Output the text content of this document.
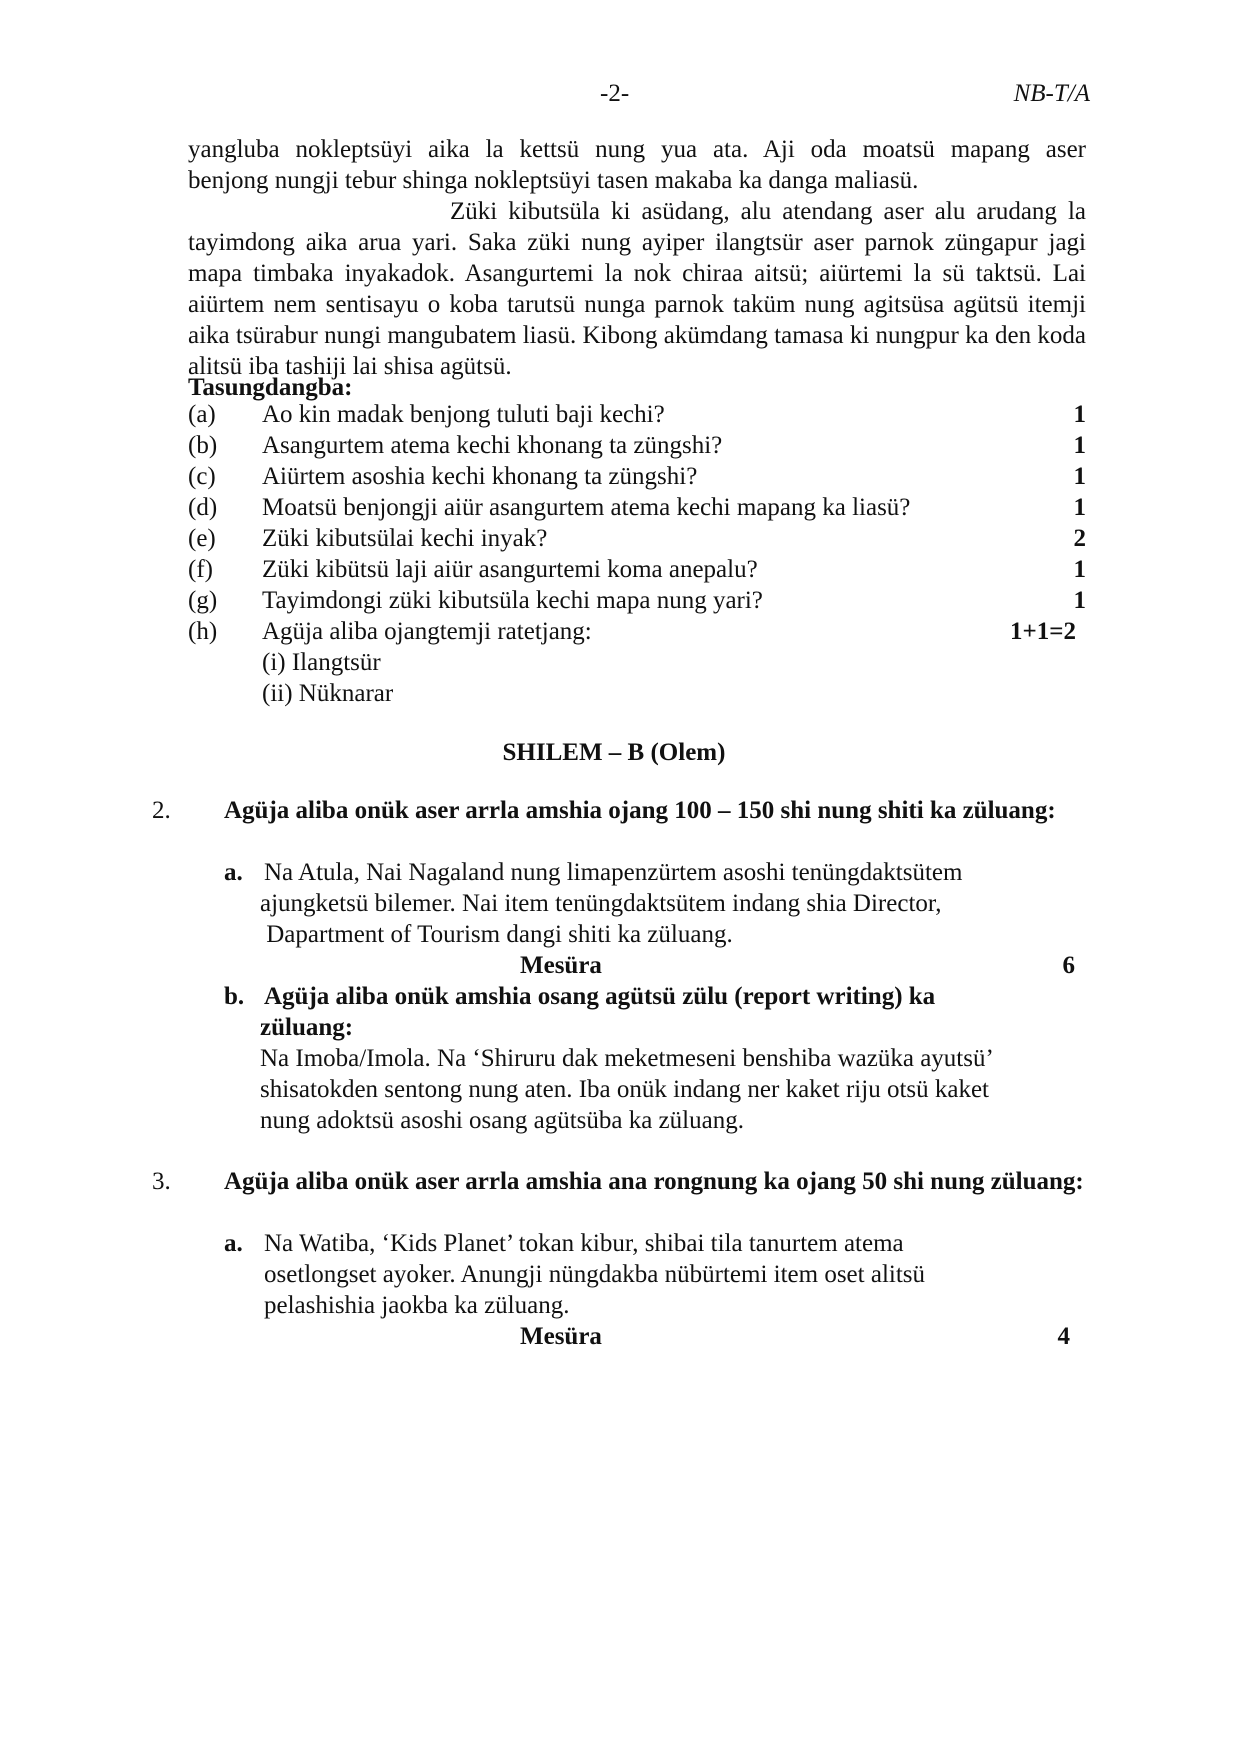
-2-	NB-T/A
yangluba nokleptsüyi aika la kettsü nung yua ata. Aji oda moatsü mapang aser
benjong nungji tebur shinga nokleptsüyi tasen makaba ka danga maliasü.
Züki kibutsüla ki asüdang, alu atendang aser alu arudang la tayimdong aika arua yari. Saka züki nung ayiper ilangtsür aser parnok züngapur jagi mapa timbaka inyakadok. Asangurtemi la nok chiraa aitsü; aiürtemi la sü taktsü. Lai aiürtem nem sentisayu o koba tarutsü nunga parnok taküm nung agitsüsa agütsü itemji aika tsürabur nungi mangubatem liasü. Kibong akümdang tamasa ki nungpur ka den koda alitsü iba tashiji lai shisa agütsü.
Tasungdangba:
(a) Ao kin madak benjong tuluti baji kechi?	1
(b) Asangurtem atema kechi khonang ta züngshi?	1
(c) Aiürtem asoshia kechi khonang ta züngshi?	1
(d) Moatsü benjongji aiür asangurtem atema kechi mapang ka liasü?	1
(e) Züki kibutsülai kechi inyak?	2
(f) Züki kibütsü laji aiür asangurtemi koma anepalu?	1
(g) Tayimdongi züki kibutsüla kechi mapa nung yari?	1
(h) Agüja aliba ojangtemji ratetjang:	1+1=2
(i) Ilangtsür
(ii) Nüknarar
SHILEM – B (Olem)
2. Agüja aliba onük aser arrla amshia ojang 100 – 150 shi nung shiti ka züluang:
a. Na Atula, Nai Nagaland nung limapenzürtem asoshi tenüngdaktsütem
ajungketsü bilemer. Nai item tenüngdaktsütem indang shia Director,
Dapartment of Tourism dangi shiti ka züluang.
Mesüra	6
b. Agüja aliba onük amshia osang agütsü zülu (report writing) ka
züluang:
Na Imoba/Imola. Na ‘Shiruru dak meketmeseni benshiba wazüka ayutsü’
shisatokden sentong nung aten. Iba onük indang ner kaket riju otsü kaket
nung adoktsü asoshi osang agütsüba ka züluang.
3. Agüja aliba onük aser arrla amshia ana rongnung ka ojang 50 shi nung züluang:
a. Na Watiba, ‘Kids Planet’ tokan kibur, shibai tila tanurtem atema
osetlongset ayoker. Anungji nüngdakba nübürtemi item oset alitsü
pelashishia jaokba ka züluang.
Mesüra	4
